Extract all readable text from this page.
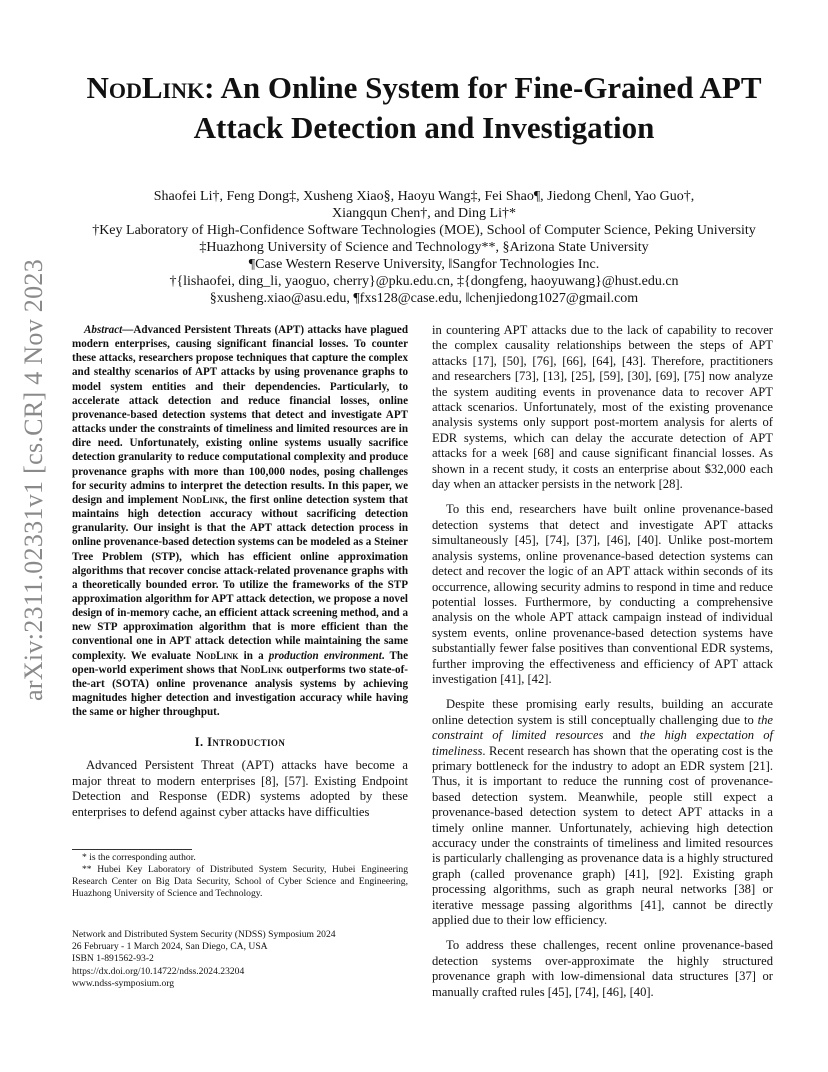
arXiv:2311.02331v1 [cs.CR] 4 Nov 2023
NodLink: An Online System for Fine-Grained APT
Attack Detection and Investigation
Shaofei Li†, Feng Dong‡, Xusheng Xiao§, Haoyu Wang‡, Fei Shao¶, Jiedong Chen‖, Yao Guo†,
Xiangqun Chen†, and Ding Li†*
†Key Laboratory of High-Confidence Software Technologies (MOE), School of Computer Science, Peking University
‡Huazhong University of Science and Technology**, §Arizona State University
¶Case Western Reserve University, ‖Sangfor Technologies Inc.
†{lishaofei, ding_li, yaoguo, cherry}@pku.edu.cn, ‡{dongfeng, haoyuwang}@hust.edu.cn
§xusheng.xiao@asu.edu, ¶fxs128@case.edu, ‖chenjiedong1027@gmail.com

Abstract—Advanced Persistent Threats (APT) attacks have plagued modern enterprises, causing significant financial losses. To counter these attacks, researchers propose techniques that capture the complex and stealthy scenarios of APT attacks by using provenance graphs to model system entities and their dependencies. Particularly, to accelerate attack detection and reduce financial losses, online provenance-based detection systems that detect and investigate APT attacks under the constraints of timeliness and limited resources are in dire need. Unfortunately, existing online systems usually sacrifice detection granularity to reduce computational complexity and produce provenance graphs with more than 100,000 nodes, posing challenges for security admins to interpret the detection results. In this paper, we design and implement NodLink, the first online detection system that maintains high detection accuracy without sacrificing detection granularity. Our insight is that the APT attack detection process in online provenance-based detection systems can be modeled as a Steiner Tree Problem (STP), which has efficient online approximation algorithms that recover concise attack-related provenance graphs with a theoretically bounded error. To utilize the frameworks of the STP approximation algorithm for APT attack detection, we propose a novel design of in-memory cache, an efficient attack screening method, and a new STP approximation algorithm that is more efficient than the conventional one in APT attack detection while maintaining the same complexity. We evaluate NodLink in a production environment. The open-world experiment shows that NodLink outperforms two state-of-the-art (SOTA) online provenance analysis systems by achieving magnitudes higher detection and investigation accuracy while having the same or higher throughput.

I. Introduction

Advanced Persistent Threat (APT) attacks have become a major threat to modern enterprises [8], [57]. Existing Endpoint Detection and Response (EDR) systems adopted by these enterprises to defend against cyber attacks have difficulties

* is the corresponding author.
** Hubei Key Laboratory of Distributed System Security, Hubei Engineering Research Center on Big Data Security, School of Cyber Science and Engineering, Huazhong University of Science and Technology.
Network and Distributed System Security (NDSS) Symposium 2024
26 February - 1 March 2024, San Diego, CA, USA
ISBN 1-891562-93-2
https://dx.doi.org/10.14722/ndss.2024.23204
www.ndss-symposium.org

in countering APT attacks due to the lack of capability to recover the complex causality relationships between the steps of APT attacks [17], [50], [76], [66], [64], [43]. Therefore, practitioners and researchers [73], [13], [25], [59], [30], [69], [75] now analyze the system auditing events in provenance data to recover APT attack scenarios. Unfortunately, most of the existing provenance analysis systems only support post-mortem analysis for alerts of EDR systems, which can delay the accurate detection of APT attacks for a week [68] and cause significant financial losses. As shown in a recent study, it costs an enterprise about $32,000 each day when an attacker persists in the network [28].

To this end, researchers have built online provenance-based detection systems that detect and investigate APT attacks simultaneously [45], [74], [37], [46], [40]. Unlike post-mortem analysis systems, online provenance-based detection systems can detect and recover the logic of an APT attack within seconds of its occurrence, allowing security admins to respond in time and reduce potential losses. Furthermore, by conducting a comprehensive analysis on the whole APT attack campaign instead of individual system events, online provenance-based detection systems have substantially fewer false positives than conventional EDR systems, further improving the effectiveness and efficiency of APT attack investigation [41], [42].

Despite these promising early results, building an accurate online detection system is still conceptually challenging due to the constraint of limited resources and the high expectation of timeliness. Recent research has shown that the operating cost is the primary bottleneck for the industry to adopt an EDR system [21]. Thus, it is important to reduce the running cost of provenance-based detection system. Meanwhile, people still expect a provenance-based detection system to detect APT attacks in a timely online manner. Unfortunately, achieving high detection accuracy under the constraints of timeliness and limited resources is particularly challenging as provenance data is a highly structured graph (called provenance graph) [41], [92]. Existing graph processing algorithms, such as graph neural networks [38] or iterative message passing algorithms [41], cannot be directly applied due to their low efficiency.

To address these challenges, recent online provenance-based detection systems over-approximate the highly structured provenance graph with low-dimensional data structures [37] or manually crafted rules [45], [74], [46], [40].
